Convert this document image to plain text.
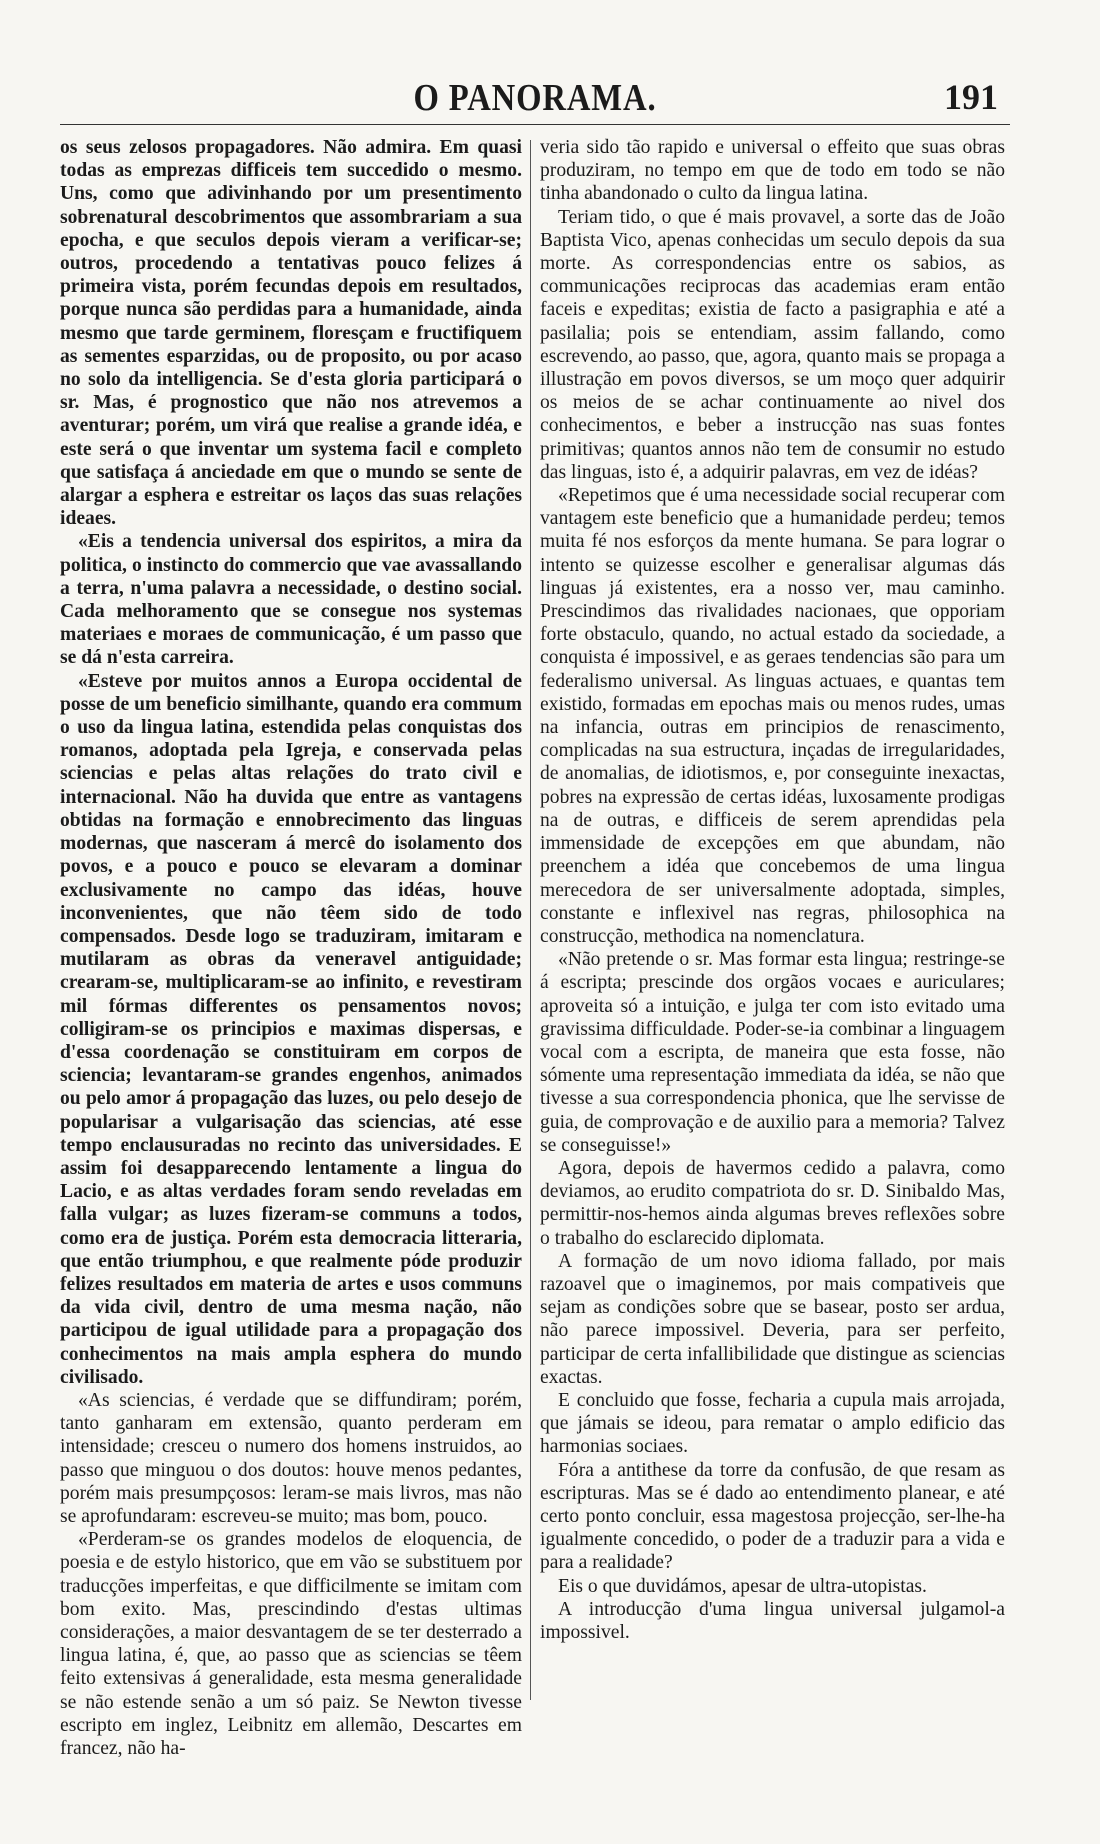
O PANORAMA.	191

os seus zelosos propagadores. Não admira. Em quasi todas as emprezas difficeis tem succedido o mesmo. Uns, como que adivinhando por um presentimento sobrenatural descobrimentos que assombrariam a sua epocha, e que seculos depois vieram a verificar-se; outros, procedendo a tentativas pouco felizes á primeira vista, porém fecundas depois em resultados, porque nunca são perdidas para a humanidade, ainda mesmo que tarde germinem, floresçam e fructifiquem as sementes esparzidas, ou de proposito, ou por acaso no solo da intelligencia. Se d'esta gloria participará o sr. Mas, é prognostico que não nos atrevemos a aventurar; porém, um virá que realise a grande idéa, e este será o que inventar um systema facil e completo que satisfaça á anciedade em que o mundo se sente de alargar a esphera e estreitar os laços das suas relações ideaes.

«Eis a tendencia universal dos espiritos, a mira da politica, o instincto do commercio que vae avassallando a terra, n'uma palavra a necessidade, o destino social. Cada melhoramento que se consegue nos systemas materiaes e moraes de communicação, é um passo que se dá n'esta carreira.

«Esteve por muitos annos a Europa occidental de posse de um beneficio similhante, quando era commum o uso da lingua latina, estendida pelas conquistas dos romanos, adoptada pela Igreja, e conservada pelas sciencias e pelas altas relações do trato civil e internacional. Não ha duvida que entre as vantagens obtidas na formação e ennobrecimento das linguas modernas, que nasceram á mercê do isolamento dos povos, e a pouco e pouco se elevaram a dominar exclusivamente no campo das idéas, houve inconvenientes, que não têem sido de todo compensados. Desde logo se traduziram, imitaram e mutilaram as obras da veneravel antiguidade; crearam-se, multiplicaram-se ao infinito, e revestiram mil fórmas differentes os pensamentos novos; colligiram-se os principios e maximas dispersas, e d'essa coordenação se constituiram em corpos de sciencia; levantaram-se grandes engenhos, animados ou pelo amor á propagação das luzes, ou pelo desejo de popularisar a vulgarisação das sciencias, até esse tempo enclausuradas no recinto das universidades. E assim foi desapparecendo lentamente a lingua do Lacio, e as altas verdades foram sendo reveladas em falla vulgar; as luzes fizeram-se communs a todos, como era de justiça. Porém esta democracia litteraria, que então triumphou, e que realmente póde produzir felizes resultados em materia de artes e usos communs da vida civil, dentro de uma mesma nação, não participou de igual utilidade para a propagação dos conhecimentos na mais ampla esphera do mundo civilisado.

«As sciencias, é verdade que se diffundiram; porém, tanto ganharam em extensão, quanto perderam em intensidade; cresceu o numero dos homens instruidos, ao passo que minguou o dos doutos: houve menos pedantes, porém mais presumpçosos: leram-se mais livros, mas não se aprofundaram: escreveu-se muito; mas bom, pouco.

«Perderam-se os grandes modelos de eloquencia, de poesia e de estylo historico, que em vão se substituem por traducções imperfeitas, e que difficilmente se imitam com bom exito. Mas, prescindindo d'estas ultimas considerações, a maior desvantagem de se ter desterrado a lingua latina, é, que, ao passo que as sciencias se têem feito extensivas á generalidade, esta mesma generalidade se não estende senão a um só paiz. Se Newton tivesse escripto em inglez, Leibnitz em allemão, Descartes em francez, não ha-

veria sido tão rapido e universal o effeito que suas obras produziram, no tempo em que de todo em todo se não tinha abandonado o culto da lingua latina.

Teriam tido, o que é mais provavel, a sorte das de João Baptista Vico, apenas conhecidas um seculo depois da sua morte. As correspondencias entre os sabios, as communicações reciprocas das academias eram então faceis e expeditas; existia de facto a pasigraphia e até a pasilalia; pois se entendiam, assim fallando, como escrevendo, ao passo, que, agora, quanto mais se propaga a illustração em povos diversos, se um moço quer adquirir os meios de se achar continuamente ao nivel dos conhecimentos, e beber a instrucção nas suas fontes primitivas; quantos annos não tem de consumir no estudo das linguas, isto é, a adquirir palavras, em vez de idéas?

«Repetimos que é uma necessidade social recuperar com vantagem este beneficio que a humanidade perdeu; temos muita fé nos esforços da mente humana. Se para lograr o intento se quizesse escolher e generalisar algumas dás linguas já existentes, era a nosso ver, mau caminho. Prescindimos das rivalidades nacionaes, que opporiam forte obstaculo, quando, no actual estado da sociedade, a conquista é impossivel, e as geraes tendencias são para um federalismo universal. As linguas actuaes, e quantas tem existido, formadas em epochas mais ou menos rudes, umas na infancia, outras em principios de renascimento, complicadas na sua estructura, inçadas de irregularidades, de anomalias, de idiotismos, e, por conseguinte inexactas, pobres na expressão de certas idéas, luxosamente prodigas na de outras, e difficeis de serem aprendidas pela immensidade de excepções em que abundam, não preenchem a idéa que concebemos de uma lingua merecedora de ser universalmente adoptada, simples, constante e inflexivel nas regras, philosophica na construcção, methodica na nomenclatura.

«Não pretende o sr. Mas formar esta lingua; restringe-se á escripta; prescinde dos orgãos vocaes e auriculares; aproveita só a intuição, e julga ter com isto evitado uma gravissima difficuldade. Poder-se-ia combinar a linguagem vocal com a escripta, de maneira que esta fosse, não sómente uma representação immediata da idéa, se não que tivesse a sua correspondencia phonica, que lhe servisse de guia, de comprovação e de auxilio para a memoria? Talvez se conseguisse!»

Agora, depois de havermos cedido a palavra, como deviamos, ao erudito compatriota do sr. D. Sinibaldo Mas, permittir-nos-hemos ainda algumas breves reflexões sobre o trabalho do esclarecido diplomata.

A formação de um novo idioma fallado, por mais razoavel que o imaginemos, por mais compativeis que sejam as condições sobre que se basear, posto ser ardua, não parece impossivel. Deveria, para ser perfeito, participar de certa infallibilidade que distingue as sciencias exactas.

E concluido que fosse, fecharia a cupula mais arrojada, que jámais se ideou, para rematar o amplo edificio das harmonias sociaes.

Fóra a antithese da torre da confusão, de que resam as escripturas. Mas se é dado ao entendimento planear, e até certo ponto concluir, essa magestosa projecção, ser-lhe-ha igualmente concedido, o poder de a traduzir para a vida e para a realidade?

Eis o que duvidámos, apesar de ultra-utopistas.

A introducção d'uma lingua universal julgamol-a impossivel.
